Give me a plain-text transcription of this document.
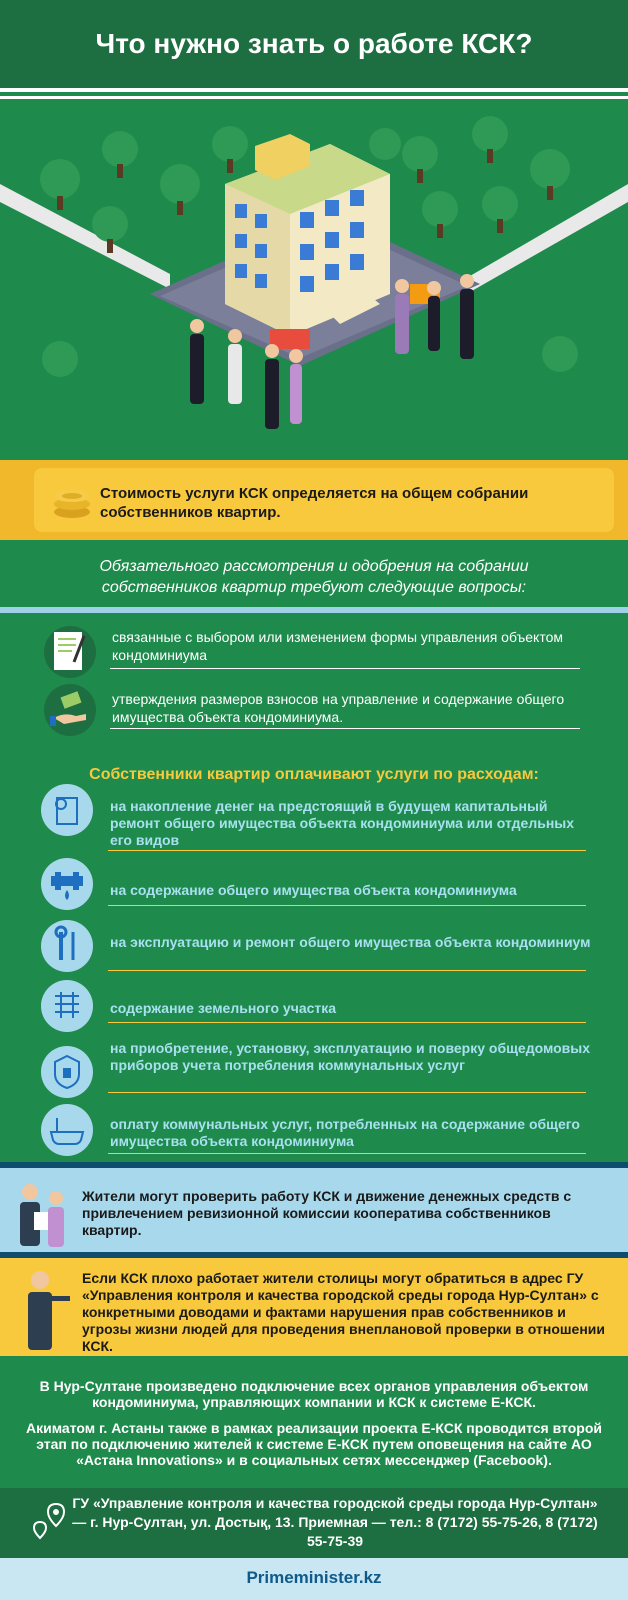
Что нужно знать о работе КСК?
Стоимость услуги КСК определяется на общем собрании собственников квартир.
Обязательного рассмотрения и одобрения на собрании собственников квартир требуют следующие вопросы:
связанные с выбором или изменением формы управления объектом кондоминиума
утверждения размеров взносов на управление и содержание общего имущества объекта кондоминиума.
Собственники квартир оплачивают услуги по расходам:
на накопление денег на предстоящий в будущем капитальный ремонт общего имущества объекта кондоминиума или отдельных его видов
на содержание общего имущества объекта кондоминиума
на эксплуатацию и ремонт общего имущества объекта кондоминиум
содержание земельного участка
на приобретение, установку, эксплуатацию и поверку общедомовых приборов учета потребления коммунальных услуг
оплату коммунальных услуг, потребленных на содержание общего имущества объекта кондоминиума
Жители могут проверить работу КСК и движение денежных средств с привлечением ревизионной комиссии кооператива собственников квартир.
Если КСК плохо работает жители столицы могут обратиться в адрес ГУ «Управления контроля и качества городской среды города Нур-Султан» с конкретными доводами и фактами нарушения прав собственников и угрозы жизни людей для проведения внеплановой проверки в отношении КСК.
В Нур-Султане произведено подключение всех органов управления объектом кондоминиума, управляющих компании и КСК к системе Е-КСК.
Акиматом г. Астаны также в рамках реализации проекта Е-КСК проводится второй этап по подключению жителей к системе Е-КСК путем оповещения на сайте АО «Астана Innovations» и в социальных сетях мессенджер (Facebook).
ГУ «Управление контроля и качества городской среды города Нур-Султан» — г. Нур-Султан, ул. Достық, 13. Приемная — тел.: 8 (7172) 55-75-26, 8 (7172) 55-75-39
Primeminister.kz
